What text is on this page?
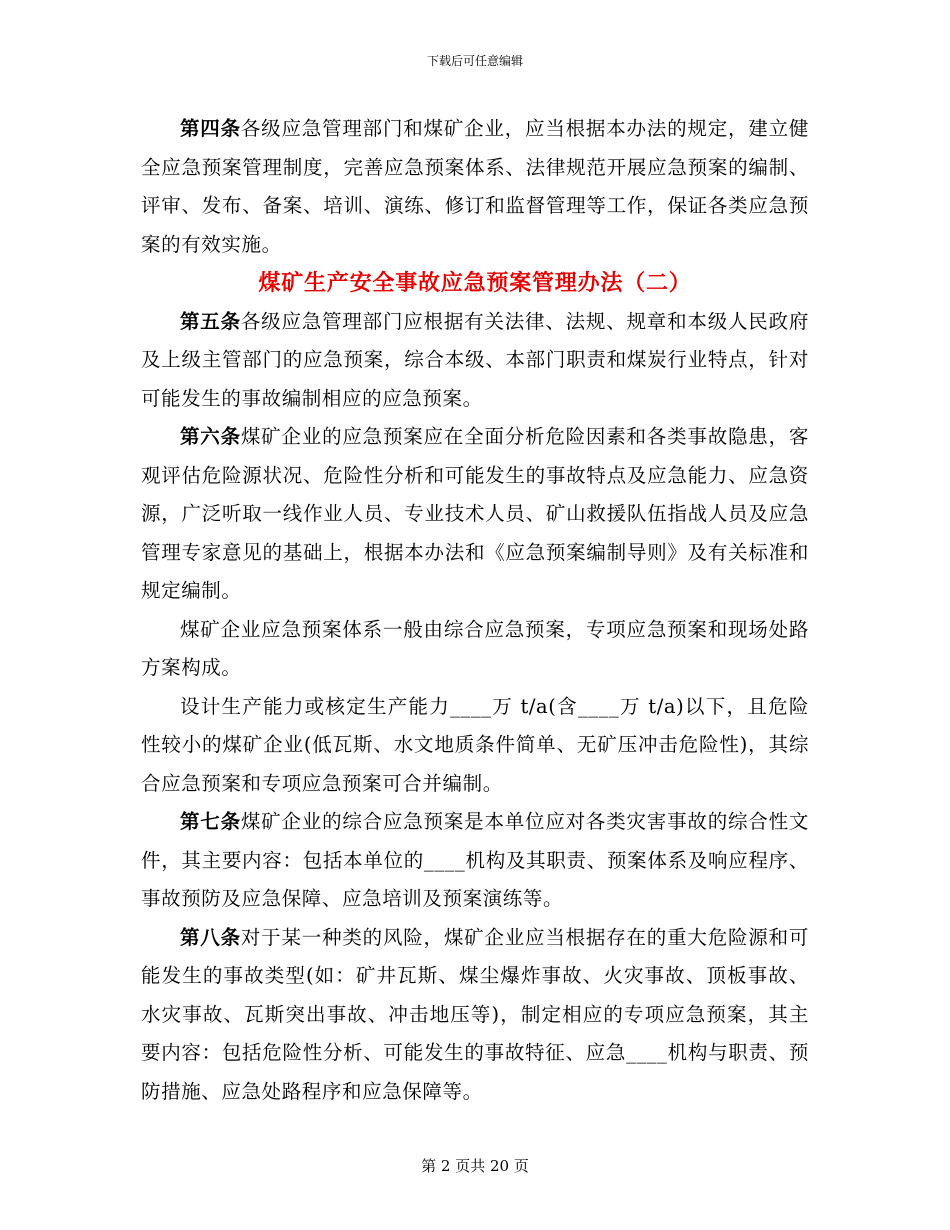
下载后可任意编辑

第四条各级应急管理部门和煤矿企业，应当根据本办法的规定，建立健全应急预案管理制度，完善应急预案体系、法律规范开展应急预案的编制、评审、发布、备案、培训、演练、修订和监督管理等工作，保证各类应急预案的有效实施。

煤矿生产安全事故应急预案管理办法（二）

第五条各级应急管理部门应根据有关法律、法规、规章和本级人民政府及上级主管部门的应急预案，综合本级、本部门职责和煤炭行业特点，针对可能发生的事故编制相应的应急预案。

第六条煤矿企业的应急预案应在全面分析危险因素和各类事故隐患，客观评估危险源状况、危险性分析和可能发生的事故特点及应急能力、应急资源，广泛听取一线作业人员、专业技术人员、矿山救援队伍指战人员及应急管理专家意见的基础上，根据本办法和《应急预案编制导则》及有关标准和规定编制。

煤矿企业应急预案体系一般由综合应急预案，专项应急预案和现场处路方案构成。

设计生产能力或核定生产能力____万 t/a(含____万 t/a)以下，且危险性较小的煤矿企业(低瓦斯、水文地质条件简单、无矿压冲击危险性)，其综合应急预案和专项应急预案可合并编制。

第七条煤矿企业的综合应急预案是本单位应对各类灾害事故的综合性文件，其主要内容：包括本单位的____机构及其职责、预案体系及响应程序、事故预防及应急保障、应急培训及预案演练等。

第八条对于某一种类的风险，煤矿企业应当根据存在的重大危险源和可能发生的事故类型(如：矿井瓦斯、煤尘爆炸事故、火灾事故、顶板事故、水灾事故、瓦斯突出事故、冲击地压等)，制定相应的专项应急预案，其主要内容：包括危险性分析、可能发生的事故特征、应急____机构与职责、预防措施、应急处路程序和应急保障等。

第 2 页共 20 页
